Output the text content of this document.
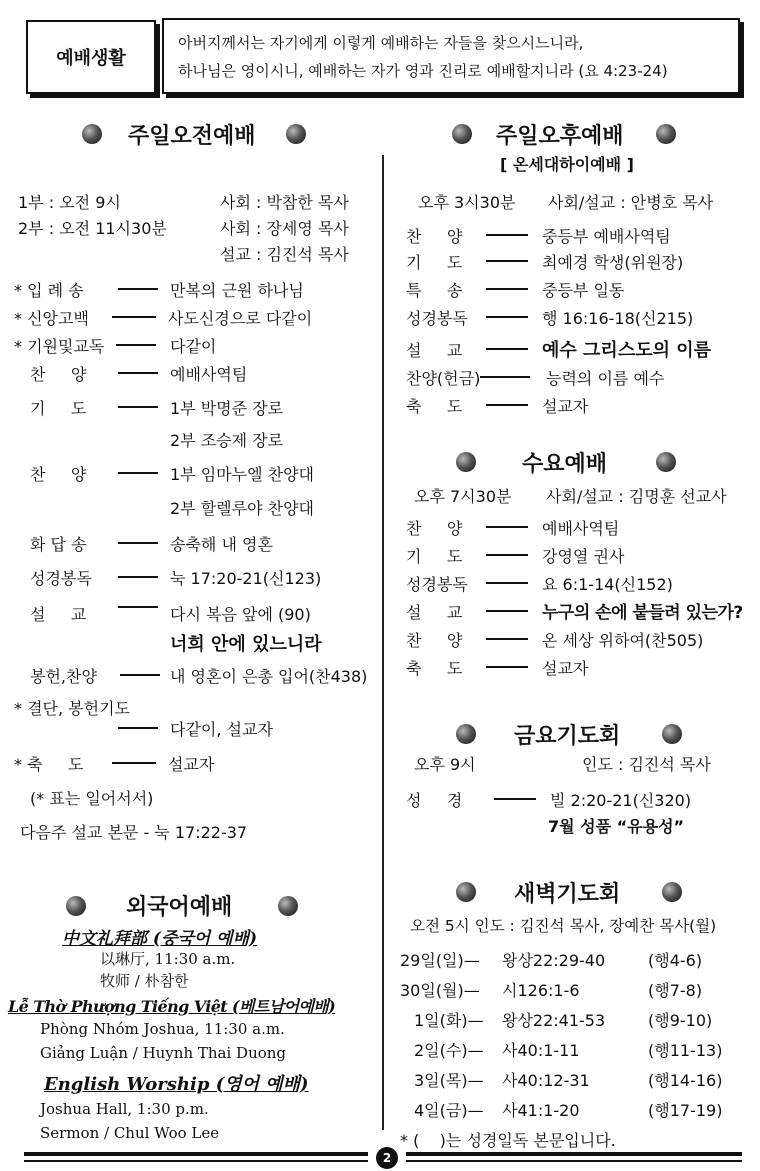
예배생활
아버지께서는 자기에게 이렇게 예배하는 자들을 찾으시느니라,
하나님은 영이시니, 예배하는 자가 영과 진리로 예배할지니라 (요 4:23-24)
주일오전예배
1부 : 오전 9시	사회 : 박참한 목사
2부 : 오전 11시30분	사회 : 장세영 목사
설교 : 김진석 목사
* 입 례 송	만복의 근원 하나님
* 신앙고백	사도신경으로 다같이
* 기원및교독	다같이
찬     양	예배사역팀
기     도	1부 박명준 장로
2부 조승제 장로
찬     양	1부 임마누엘 찬양대
2부 할렐루야 찬양대
화 답 송	송축해 내 영혼
성경봉독	눅 17:20-21(신123)
설     교	다시 복음 앞에 (90)
너희 안에 있느니라
봉헌,찬양	내 영혼이 은총 입어(찬438)
* 결단, 봉헌기도
다같이, 설교자
* 축     도	설교자
(* 표는 일어서서)
다음주 설교 본문 - 눅 17:22-37
외국어예배
中文礼拜部 (중국어 예배)
以琳厅, 11:30 a.m.
牧师 / 朴참한
Lễ Thờ Phượng Tiếng Việt (베트남어예배)
Phòng Nhóm Joshua, 11:30 a.m.
Giảng Luận / Huynh Thai Duong
English Worship (영어 예배)
Joshua Hall, 1:30 p.m.
Sermon / Chul Woo Lee
주일오후예배
[ 온세대하이예배 ]
오후 3시30분 사회/설교 : 안병호 목사
찬     양	중등부 예배사역팀
기     도	최예경 학생(위원장)
특     송	중등부 일동
성경봉독	행 16:16-18(신215)
설     교	예수 그리스도의 이름
찬양(헌금)	능력의 이름 예수
축     도	설교자
수요예배
오후 7시30분 사회/설교 : 김명훈 선교사
찬     양	예배사역팀
기     도	강영열 권사
성경봉독	요 6:1-14(신152)
설     교	누구의 손에 붙들려 있는가?
찬     양	온 세상 위하여(찬505)
축     도	설교자
금요기도회
오후 9시	인도 : 김진석 목사
성     경	빌 2:20-21(신320)
7월 성품 “유용성”
새벽기도회
오전 5시 인도 : 김진석 목사, 장예찬 목사(월)
29일(일)— 왕상22:29-40	(행4-6)
30일(월)— 시126:1-6	(행7-8)
1일(화)— 왕상22:41-53	(행9-10)
2일(수)— 사40:1-11	(행11-13)
3일(목)— 사40:12-31	(행14-16)
4일(금)— 사41:1-20	(행17-19)
* (    )는 성경일독 본문입니다.
2
